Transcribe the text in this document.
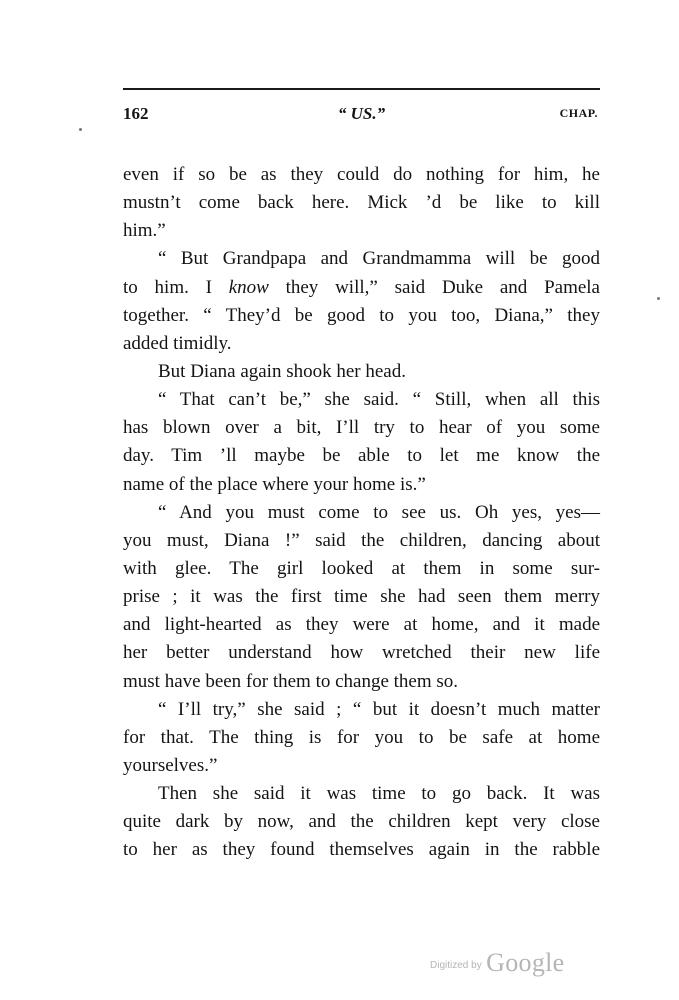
162	“ US.”	CHAP.
even if so be as they could do nothing for him, he
mustn’t come back here. Mick ’d be like to kill
him.”
“ But Grandpapa and Grandmamma will be good
to him. I know they will,” said Duke and Pamela
together. “ They’d be good to you too, Diana,” they
added timidly.
But Diana again shook her head.
“ That can’t be,” she said. “ Still, when all this
has blown over a bit, I’ll try to hear of you some
day. Tim ’ll maybe be able to let me know the
name of the place where your home is.”
“ And you must come to see us. Oh yes, yes—
you must, Diana !” said the children, dancing about
with glee. The girl looked at them in some sur-
prise ; it was the first time she had seen them merry
and light-hearted as they were at home, and it made
her better understand how wretched their new life
must have been for them to change them so.
“ I’ll try,” she said ; “ but it doesn’t much matter
for that. The thing is for you to be safe at home
yourselves.”
Then she said it was time to go back. It was
quite dark by now, and the children kept very close
to her as they found themselves again in the rabble
Digitized by Google
